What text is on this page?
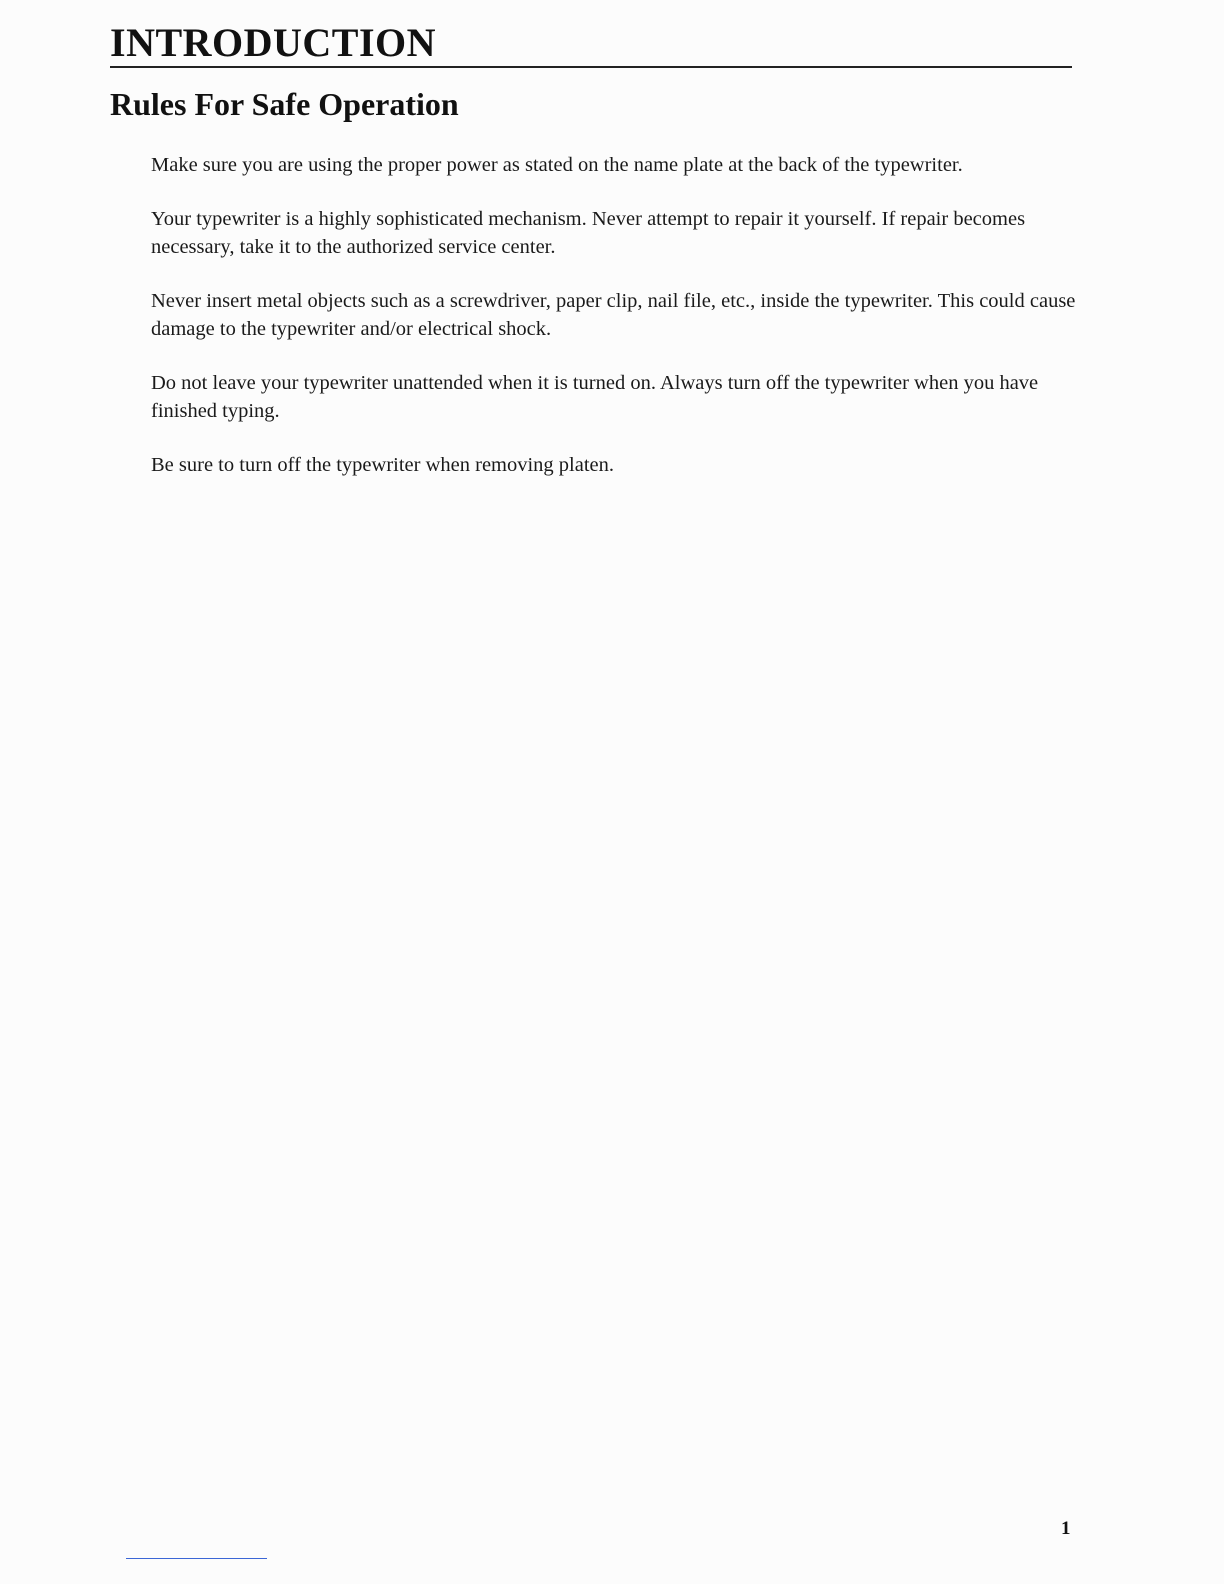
INTRODUCTION
Rules For Safe Operation

Make sure you are using the proper power as stated on the name plate at the back of the typewriter.

Your typewriter is a highly sophisticated mechanism. Never attempt to repair it yourself. If repair becomes necessary, take it to the authorized service center.

Never insert metal objects such as a screwdriver, paper clip, nail file, etc., inside the typewriter. This could cause damage to the typewriter and/or electrical shock.

Do not leave your typewriter unattended when it is turned on. Always turn off the typewriter when you have finished typing.

Be sure to turn off the typewriter when removing platen.

1
